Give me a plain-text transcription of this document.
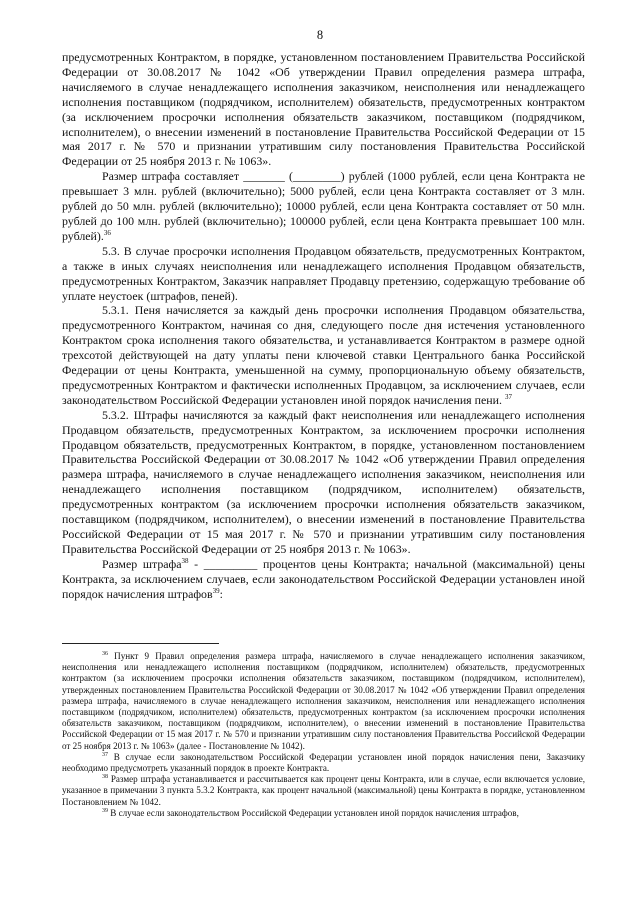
8

предусмотренных Контрактом, в порядке, установленном постановлением Правительства Российской Федерации от 30.08.2017 № 1042 «Об утверждении Правил определения размера штрафа, начисляемого в случае ненадлежащего исполнения заказчиком, неисполнения или ненадлежащего исполнения поставщиком (подрядчиком, исполнителем) обязательств, предусмотренных контрактом (за исключением просрочки исполнения обязательств заказчиком, поставщиком (подрядчиком, исполнителем), о внесении изменений в постановление Правительства Российской Федерации от 15 мая 2017 г. № 570 и признании утратившим силу постановления Правительства Российской Федерации от 25 ноября 2013 г. № 1063».

Размер штрафа составляет _______ (________) рублей (1000 рублей, если цена Контракта не превышает 3 млн. рублей (включительно); 5000 рублей, если цена Контракта составляет от 3 млн. рублей до 50 млн. рублей (включительно); 10000 рублей, если цена Контракта составляет от 50 млн. рублей до 100 млн. рублей (включительно); 100000 рублей, если цена Контракта превышает 100 млн. рублей).$^{36}$

5.3. В случае просрочки исполнения Продавцом обязательств, предусмотренных Контрактом, а также в иных случаях неисполнения или ненадлежащего исполнения Продавцом обязательств, предусмотренных Контрактом, Заказчик направляет Продавцу претензию, содержащую требование об уплате неустоек (штрафов, пеней).

5.3.1. Пеня начисляется за каждый день просрочки исполнения Продавцом обязательства, предусмотренного Контрактом, начиная со дня, следующего после дня истечения установленного Контрактом срока исполнения такого обязательства, и устанавливается Контрактом в размере одной трехсотой действующей на дату уплаты пени ключевой ставки Центрального банка Российской Федерации от цены Контракта, уменьшенной на сумму, пропорциональную объему обязательств, предусмотренных Контрактом и фактически исполненных Продавцом, за исключением случаев, если законодательством Российской Федерации установлен иной порядок начисления пени. $^{37}$

5.3.2. Штрафы начисляются за каждый факт неисполнения или ненадлежащего исполнения Продавцом обязательств, предусмотренных Контрактом, за исключением просрочки исполнения Продавцом обязательств, предусмотренных Контрактом, в порядке, установленном постановлением Правительства Российской Федерации от 30.08.2017 № 1042 «Об утверждении Правил определения размера штрафа, начисляемого в случае ненадлежащего исполнения заказчиком, неисполнения или ненадлежащего исполнения поставщиком (подрядчиком, исполнителем) обязательств, предусмотренных контрактом (за исключением просрочки исполнения обязательств заказчиком, поставщиком (подрядчиком, исполнителем), о внесении изменений в постановление Правительства Российской Федерации от 15 мая 2017 г. № 570 и признании утратившим силу постановления Правительства Российской Федерации от 25 ноября 2013 г. № 1063».

Размер штрафа$^{38}$ - _________ процентов цены Контракта; начальной (максимальной) цены Контракта, за исключением случаев, если законодательством Российской Федерации установлен иной порядок начисления штрафов$^{39}$:

$^{36}$ Пункт 9 Правил определения размера штрафа, начисляемого в случае ненадлежащего исполнения заказчиком, неисполнения или ненадлежащего исполнения поставщиком (подрядчиком, исполнителем) обязательств, предусмотренных контрактом (за исключением просрочки исполнения обязательств заказчиком, поставщиком (подрядчиком, исполнителем), утвержденных постановлением Правительства Российской Федерации от 30.08.2017 № 1042 «Об утверждении Правил определения размера штрафа, начисляемого в случае ненадлежащего исполнения заказчиком, неисполнения или ненадлежащего исполнения поставщиком (подрядчиком, исполнителем) обязательств, предусмотренных контрактом (за исключением просрочки исполнения обязательств заказчиком, поставщиком (подрядчиком, исполнителем), о внесении изменений в постановление Правительства Российской Федерации от 15 мая 2017 г. № 570 и признании утратившим силу постановления Правительства Российской Федерации от 25 ноября 2013 г. № 1063» (далее - Постановление № 1042).

$^{37}$ В случае если законодательством Российской Федерации установлен иной порядок начисления пени, Заказчику необходимо предусмотреть указанный порядок в проекте Контракта.

$^{38}$ Размер штрафа устанавливается и рассчитывается как процент цены Контракта, или в случае, если включается условие, указанное в примечании 3 пункта 5.3.2 Контракта, как процент начальной (максимальной) цены Контракта в порядке, установленном Постановлением № 1042.

$^{39}$ В случае если законодательством Российской Федерации установлен иной порядок начисления штрафов,
